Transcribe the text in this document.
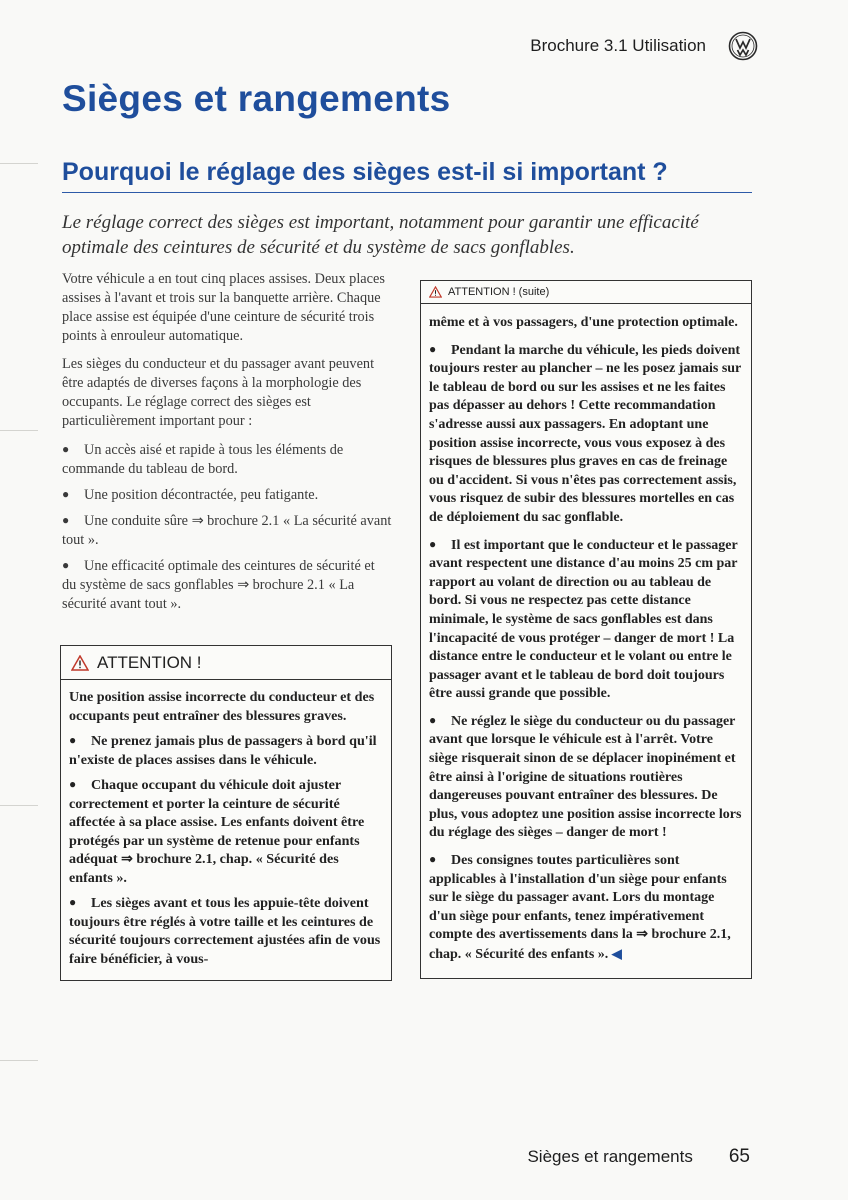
Brochure 3.1 Utilisation
Sièges et rangements
Pourquoi le réglage des sièges est-il si important ?

Le réglage correct des sièges est important, notamment pour garantir une efficacité optimale des ceintures de sécurité et du système de sacs gonflables.

Votre véhicule a en tout cinq places assises. Deux places assises à l'avant et trois sur la banquette arrière. Chaque place assise est équipée d'une ceinture de sécurité trois points à enrouleur automatique.

Les sièges du conducteur et du passager avant peuvent être adaptés de diverses façons à la morphologie des occupants. Le réglage correct des sièges est particulièrement important pour :

● Un accès aisé et rapide à tous les éléments de commande du tableau de bord.

● Une position décontractée, peu fatigante.

● Une conduite sûre ⇒ brochure 2.1 « La sécurité avant tout ».

● Une efficacité optimale des ceintures de sécurité et du système de sacs gonflables ⇒ brochure 2.1 « La sécurité avant tout ».

ATTENTION !

Une position assise incorrecte du conducteur et des occupants peut entraîner des blessures graves.

● Ne prenez jamais plus de passagers à bord qu'il n'existe de places assises dans le véhicule.

● Chaque occupant du véhicule doit ajuster correctement et porter la ceinture de sécurité affectée à sa place assise. Les enfants doivent être protégés par un système de retenue pour enfants adéquat ⇒ brochure 2.1, chap. « Sécurité des enfants ».

● Les sièges avant et tous les appuie-tête doivent toujours être réglés à votre taille et les ceintures de sécurité toujours correctement ajustées afin de vous faire bénéficier, à vous-

ATTENTION ! (suite)

même et à vos passagers, d'une protection optimale.

● Pendant la marche du véhicule, les pieds doivent toujours rester au plancher – ne les posez jamais sur le tableau de bord ou sur les assises et ne les faites pas dépasser au dehors ! Cette recommandation s'adresse aussi aux passagers. En adoptant une position assise incorrecte, vous vous exposez à des risques de blessures plus graves en cas de freinage ou d'accident. Si vous n'êtes pas correctement assis, vous risquez de subir des blessures mortelles en cas de déploiement du sac gonflable.

● Il est important que le conducteur et le passager avant respectent une distance d'au moins 25 cm par rapport au volant de direction ou au tableau de bord. Si vous ne respectez pas cette distance minimale, le système de sacs gonflables est dans l'incapacité de vous protéger – danger de mort ! La distance entre le conducteur et le volant ou entre le passager avant et le tableau de bord doit toujours être aussi grande que possible.

● Ne réglez le siège du conducteur ou du passager avant que lorsque le véhicule est à l'arrêt. Votre siège risquerait sinon de se déplacer inopinément et être ainsi à l'origine de situations routières dangereuses pouvant entraîner des blessures. De plus, vous adoptez une position assise incorrecte lors du réglage des sièges – danger de mort !

● Des consignes toutes particulières sont applicables à l'installation d'un siège pour enfants sur le siège du passager avant. Lors du montage d'un siège pour enfants, tenez impérativement compte des avertissements dans la ⇒ brochure 2.1, chap. « Sécurité des enfants ». ◀

Sièges et rangements 65
